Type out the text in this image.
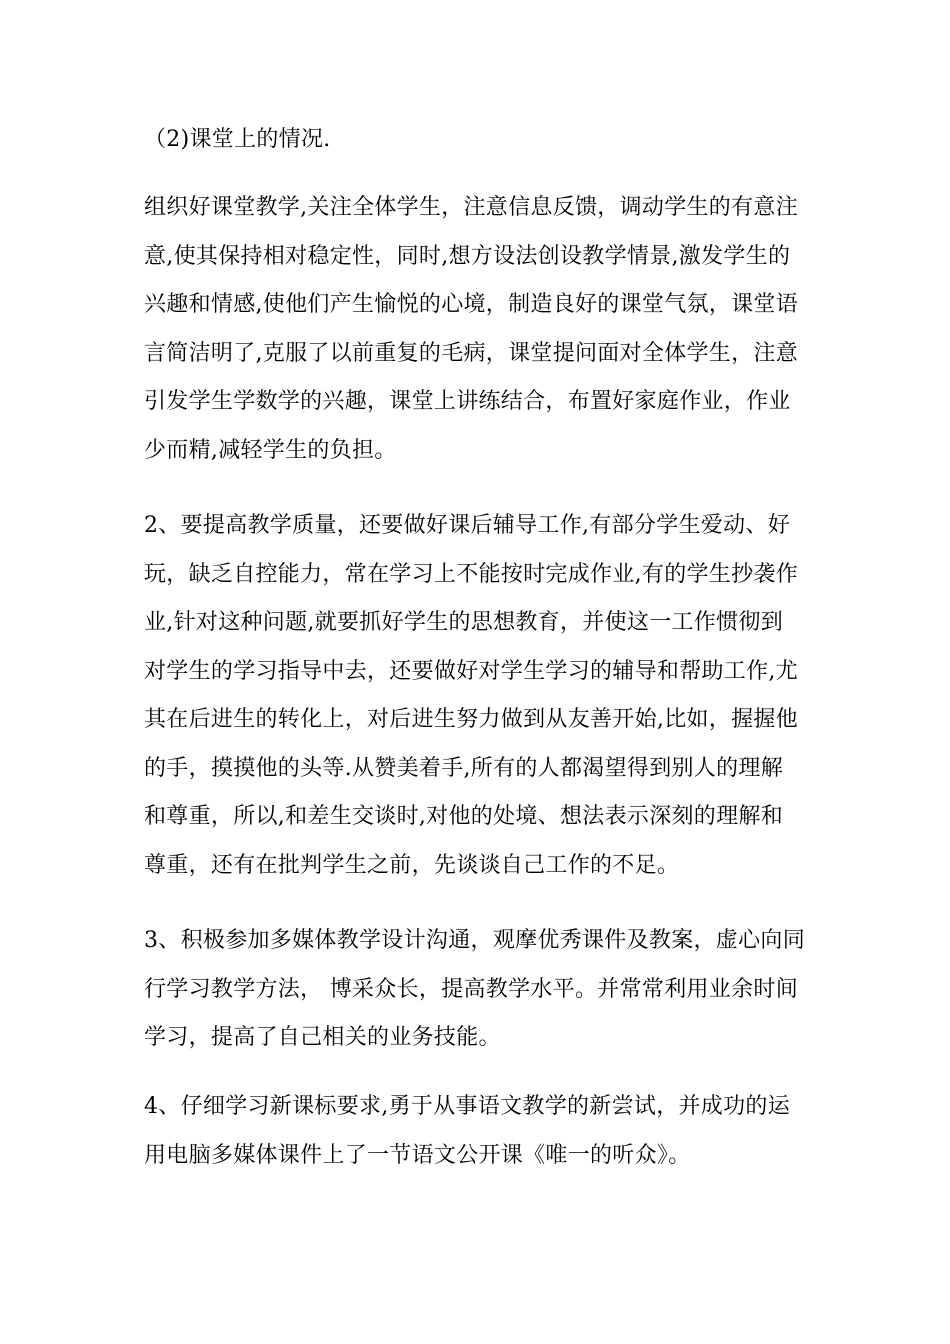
（2)课堂上的情况.

组织好课堂教学,关注全体学生，注意信息反馈，调动学生的有意注
意,使其保持相对稳定性，同时,想方设法创设教学情景,激发学生的
兴趣和情感,使他们产生愉悦的心境，制造良好的课堂气氛，课堂语
言简洁明了,克服了以前重复的毛病，课堂提问面对全体学生，注意
引发学生学数学的兴趣，课堂上讲练结合，布置好家庭作业，作业
少而精,减轻学生的负担。

2、要提高教学质量，还要做好课后辅导工作,有部分学生爱动、好
玩，缺乏自控能力，常在学习上不能按时完成作业,有的学生抄袭作
业,针对这种问题,就要抓好学生的思想教育，并使这一工作惯彻到
对学生的学习指导中去，还要做好对学生学习的辅导和帮助工作,尤
其在后进生的转化上，对后进生努力做到从友善开始,比如，握握他
的手，摸摸他的头等.从赞美着手,所有的人都渴望得到别人的理解
和尊重，所以,和差生交谈时,对他的处境、想法表示深刻的理解和
尊重，还有在批判学生之前，先谈谈自己工作的不足。

3、积极参加多媒体教学设计沟通，观摩优秀课件及教案，虚心向同
行学习教学方法， 博采众长，提高教学水平。并常常利用业余时间
学习，提高了自己相关的业务技能。

4、仔细学习新课标要求,勇于从事语文教学的新尝试，并成功的运
用电脑多媒体课件上了一节语文公开课《唯一的听众》。
